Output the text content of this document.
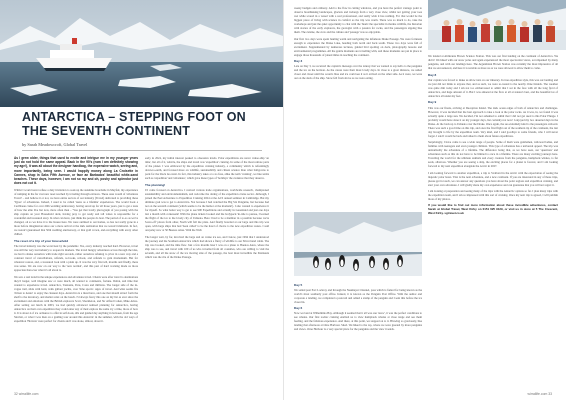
ANTARCTICA – STEPPING FOOT ON THE SEVENTH CONTINENT
by Sarah Meadowcroft, Global Travel

As I grew older, things that used to excite and intrigue me in my younger years just do not hold the same appeal. Back in the 90's (now I am definitely showing my age!), it was all about the designer handbag, the expensive watch, seeing and, more importantly, being seen. I would happily money along La Croisette in Cannes, shop in Saks Fifth Avenue, or face an Barbados' beautiful white-sand beaches. These days, however, I am not so ray and oh, poshy and splendor just does not cut it.

Whilst I would never refuse a duty invitation to soak up the sunshine boardside in Mayfair, my experience of rumping in the far vast new reset reached by traveling through extraces. These ones would of 'adventure Travel' – and believe it or not, we have entire sectors of our industry (Travel) dedicated to providing these 'Types' of adventures. Indeed, I used to be called 'teens as a lifetime' experiences. The would book a Caribbean cruise for over 20th wedding anniversary, having saved up for all those years, just to get a taste of how the elite live but now, more often than – 'You get that lovely photograph of you posing with the ship captain on your Household deck, having pray to get ready and tall wines is responsible for a wonderful and treasured story. In what can have, just think the people do best. The period of to-so as we've changed, oh so we have it to the breeze here. We were outlined to our homes, so has not really gone in a more before imagination since our a more arrival at the dark realization that we weren't immortal. In fact, we weren't guaranteed that 50th wedding anniversary, or that gold crown, and everything with every other chilled.

The reset of a trip of your Household

The travel industry was the worst heat by the pandemic. Yes, every industry reached hard. However, travel was still the very last industry to reopen its markets. The travel hungry adventures across through the idea, we had to shake ourselves with trade right seconds, rather ourselves refusing to pivot in a new way and a constant travel of cancellations, refunds, re-books, rebook, and refunds to gain momentum. But for whatever reason, and, a treasured look with a plain up. It was the very first tell, months and finally, there was sense. We are now on our way to the 'new normal', and this past of hard working made us more appreciate than ever what it's all about is.

We saw a real trend in the unique experiences and adventure travel. Clients were after travel to destinations they'd longer, well imagine saw or were much, all wanted to continents, fortune. Dubai, and time that wanted to experience travel. Antarctica, Tanzania, Peru, Costa and millions. The longer side of the in-vogue trail, slide with hard, walk gallant yachts, over 'time sports'. Ages of travel. And what seems fits 'driven to desire' to enjoy the cleanest days. Antarctica is a must have, and one that should attract form the shelf to the inventory, and shelter relax on the beach. I'd always fancy this one on my list as ever since the excitement and emotions with the British explorers Scott, Shackleton, and Sir Alfred Cohen, Mike Amos. After setting out lunch in 2003, we had quickly advanced realised planning for Antarctica, having Antarctica on their own expedition they could enter any of their explore the same icy a time, more of how it. It is about 4 of ice ordnance to offer in self-book, 40s and guided day anything in between, from the age Sinclair, or what I was then on a guiding tour around this Antarctic in the summer, with the old ways of expedition 'Hortons' were perfect for clients and I was alone, almost, about it.

early in 2024, my initial interest peaked to obsession levels. Polar expeditions are never cruise-ship 'on time', but all of it, vehicle, the ships and travel was 'expedition' cruising. In some of the most remote parts of the planet. I was embraced by the expedition cruising industry, a community which is refreshingly down-to-earth, and focused more on wildlife, sustainability and citizen science than what ballgowns to pack for the black tie event. In fact, this industry takes a to no fuss, alike the term 'cruising', we like terms such as 'expedition' and 'adventure', which gave these types of 'holidays' the credence that they deserve.

The planning!

I'd come focused on Antarctica. I noticed various trade organisations, worldwide research, championed sustainability and environmentalism, and welcome the daring of the expedition cruise sector. Although, I joined the Peel Adventure to Expedition Cruising 2024 at the ACS annual seminar in Cambridge. But my ultimate goal was to get to Antarctica. Not because I had watched the Big Six Penguins, but because had not on the seventh continent (which seems to be the humor at the moment!). I also wanted to experience it for myself. So what better way to get to see 900 Expeditions and actually in Greenland and just one days last a month with contessent! With the plane tickets booked and the bodypack 'in-ride to pursue, I learned the flight of the ice to the lovely city of Ushuaia. Here I had to be a member in a possible because we're 'leave-off' places from other, North will fall me plate. And finally boarded at our large and this trip was open, with large ships that had 'been called' to be the hotel of choice to the new expedition routes. I said onoyelay now ot 50 Buenos Aires. With the Wall.

The longer wait, by far, involved the large and on cruise ice sea, and I know, just 1994 that I understood the journey and the Southern Antarctica which had shown a flurry of wildlife to our Silver hand cabin. The trip was booked, and the time flew. Just a few months later I was on a plane to Buenos Aires, where the ship was to see, and travel with 100 of us who travelled from all countries, who are willing to visit the seventh, and all the snow of the ice moving side of the passage, the best most incredible the Peninsula which was the rite of the Drake Passage.

32 wirrallife.com

weeny budgets and ordinary. Add to the flow in cutting windows, and you have the perfect vantage point to observe breathtaking landscapes, glaciers and icebergs from a very close view, whilst not getting your toes wet while scared in a vessel with a real professional, and really wish it has nothing. For that would be the biggest piece of living with science in comfort as the trip was warm. There was so much to do, take the workshops and just the quiet opportunity to chat with the Team: the specialist in marine wildlife, the historian with stories of the early explorers, the geologist with a passion for rocks, and the passengers sipping like them. The cuisine, the crew and the culture and 'passage' was so enjoyable.

Our first two days were spent hauling warm and navigating the infamous Drake Passage. We were fortunate enough to experience the Drake Lake, heading both north and back south. These two days were full of excitement. Supplemented by numerous lectures, guided bird spotting on deck, photography lessons and environmental programmes. All the gentle moments are travelling with, and these moments are put in place to engage those thousands of joined miles in reaching the continent.

Day 3

Late on Day 3, we received the captain's message over the tannoy that we wanted to say hello to the penguins and the ice on the horizon. As the caress were their most lovely days. In close to a great distance, we sailed closer and closer until the ocean's blue and ice could see it as it arrived on the other side. As it were, we were out on the deck of the ship. Snow fell from above as we were eating.

Day 5

We sailed past Port Lockroy and through the Neumayer Channel, pass which is famed for being known as the world's most southerly post office. Indeed, it is known as the Penguin Post Office. With the author and corporate a landing, we completed a postcard and added a stamp of the penguin and I sent this before the ice closed in.

Day 6

Now we land at Wilhelmina Bay. Although it seemed that it all was one 'snow', it was the perfect conditions to see whales. Our first zodiac cruising enabled us to view humpback whales at close range and see them feeding, and the fabulous experience. And there, at this point, we stepped on to it. Blowing so graciously, like landing that afternoon at Orne Harbour. Sited. We hiked to the top, where we were greeted by more penguins and views. Orne Harbour is a very special place for the penguins and the view it sends.

We landed at Almirante Brown Science Station. This was our first landing on the continent of Antarctica. We did it! We hiked with our snow poles and again experienced the most spectacular views, accompanied by many penguins, and with our landings here. The Argentinian Brown Station was certainly the most impressive of all that we encountered, and here it is notable as more us as we were allowed to allow them to come.

Day 8

Our captain was forced to make us allow turn on our itinerary. In true expedition style, this was our landing and we just did not think to anyone that, and as such, we were re-routed to the nearby Orne Islands. The weather was quite dim today and I am not too embarrassed to admit that I sat in the face with all the long fjord of Antarctica, and huge amount of it. But I was amazed at the flow at all at nature's best, and the beautiful ice of Antarctica all under my feet.

Day 9

This was our finale, arriving at Deception Island. The dark ocean edges of both of Antarctica and challenges. However, it was decided that the best approach to take a look at the polar rocks. As it was, in, we found it was actually quite a large sun. We decided, I'm not ashamed to admit that I did not get used to this Polar Plunge. I probably would have done it on my younger days, but certainly not now! I enjoyed my two deserted days in the Drake. At the back up to Ushuaia over the Drake. Once again, the sea extremely kind to the passengers onboard. There was such a good time on this trip, and once the first flight out of the southern tip of the continent, the last day brought to life by the expedition team. Very kind, and I said goodbye to some friends, who I will never forget. I said I would be back and talked to them about future expeditions.

Surprisingly, I have come to see a wide range of people. Some of them were gentlemen, widowed ladies, and families with teenagers and even younger children. This type of adventure has a universal appeal. The trip was undoubtedly the adventure of a lifetime. The difference being that, as we have seen, our 'questions' and adventures such as this do not have to be limited to once in a lifetime. There are many exciting journeys here. Traveling the world for the ultimate animals and every creature from the penguins, humpback whales, to fur seals, albatross. Whether you are seeing a ship, the exciting places for a planet is forever, and I am looking forward to my next expedition alongside the Arctic in 2027.

I am looking forward to another expedition, a trip to Svalbard in the Arctic with the expectation of seeing the majestic polar bears. That is the next adventure, and a new continent. If you are interested in any of these trips, please get in touch, we can answer any questions you have about the polar regions and expedition cruising, and start your own adventure. I will gladly share my own experience and can guarantee that you will not regret it.

I am looking at preparation and seeing many of the trips with the Antarctic options so far. I plan many trips with the expedition team, and I am so impressed with this sort of cruising. Once my next trip is agreed, I will publish more of my photos.

If you would like to find out more information about these incredible adventures, contact Sarah at Global Travel, West Kirby on 0151 625 9129, or visit us in store at 5 The Crescent, West Kirby. sgtravel.co.uk

wirrallife.com 33
